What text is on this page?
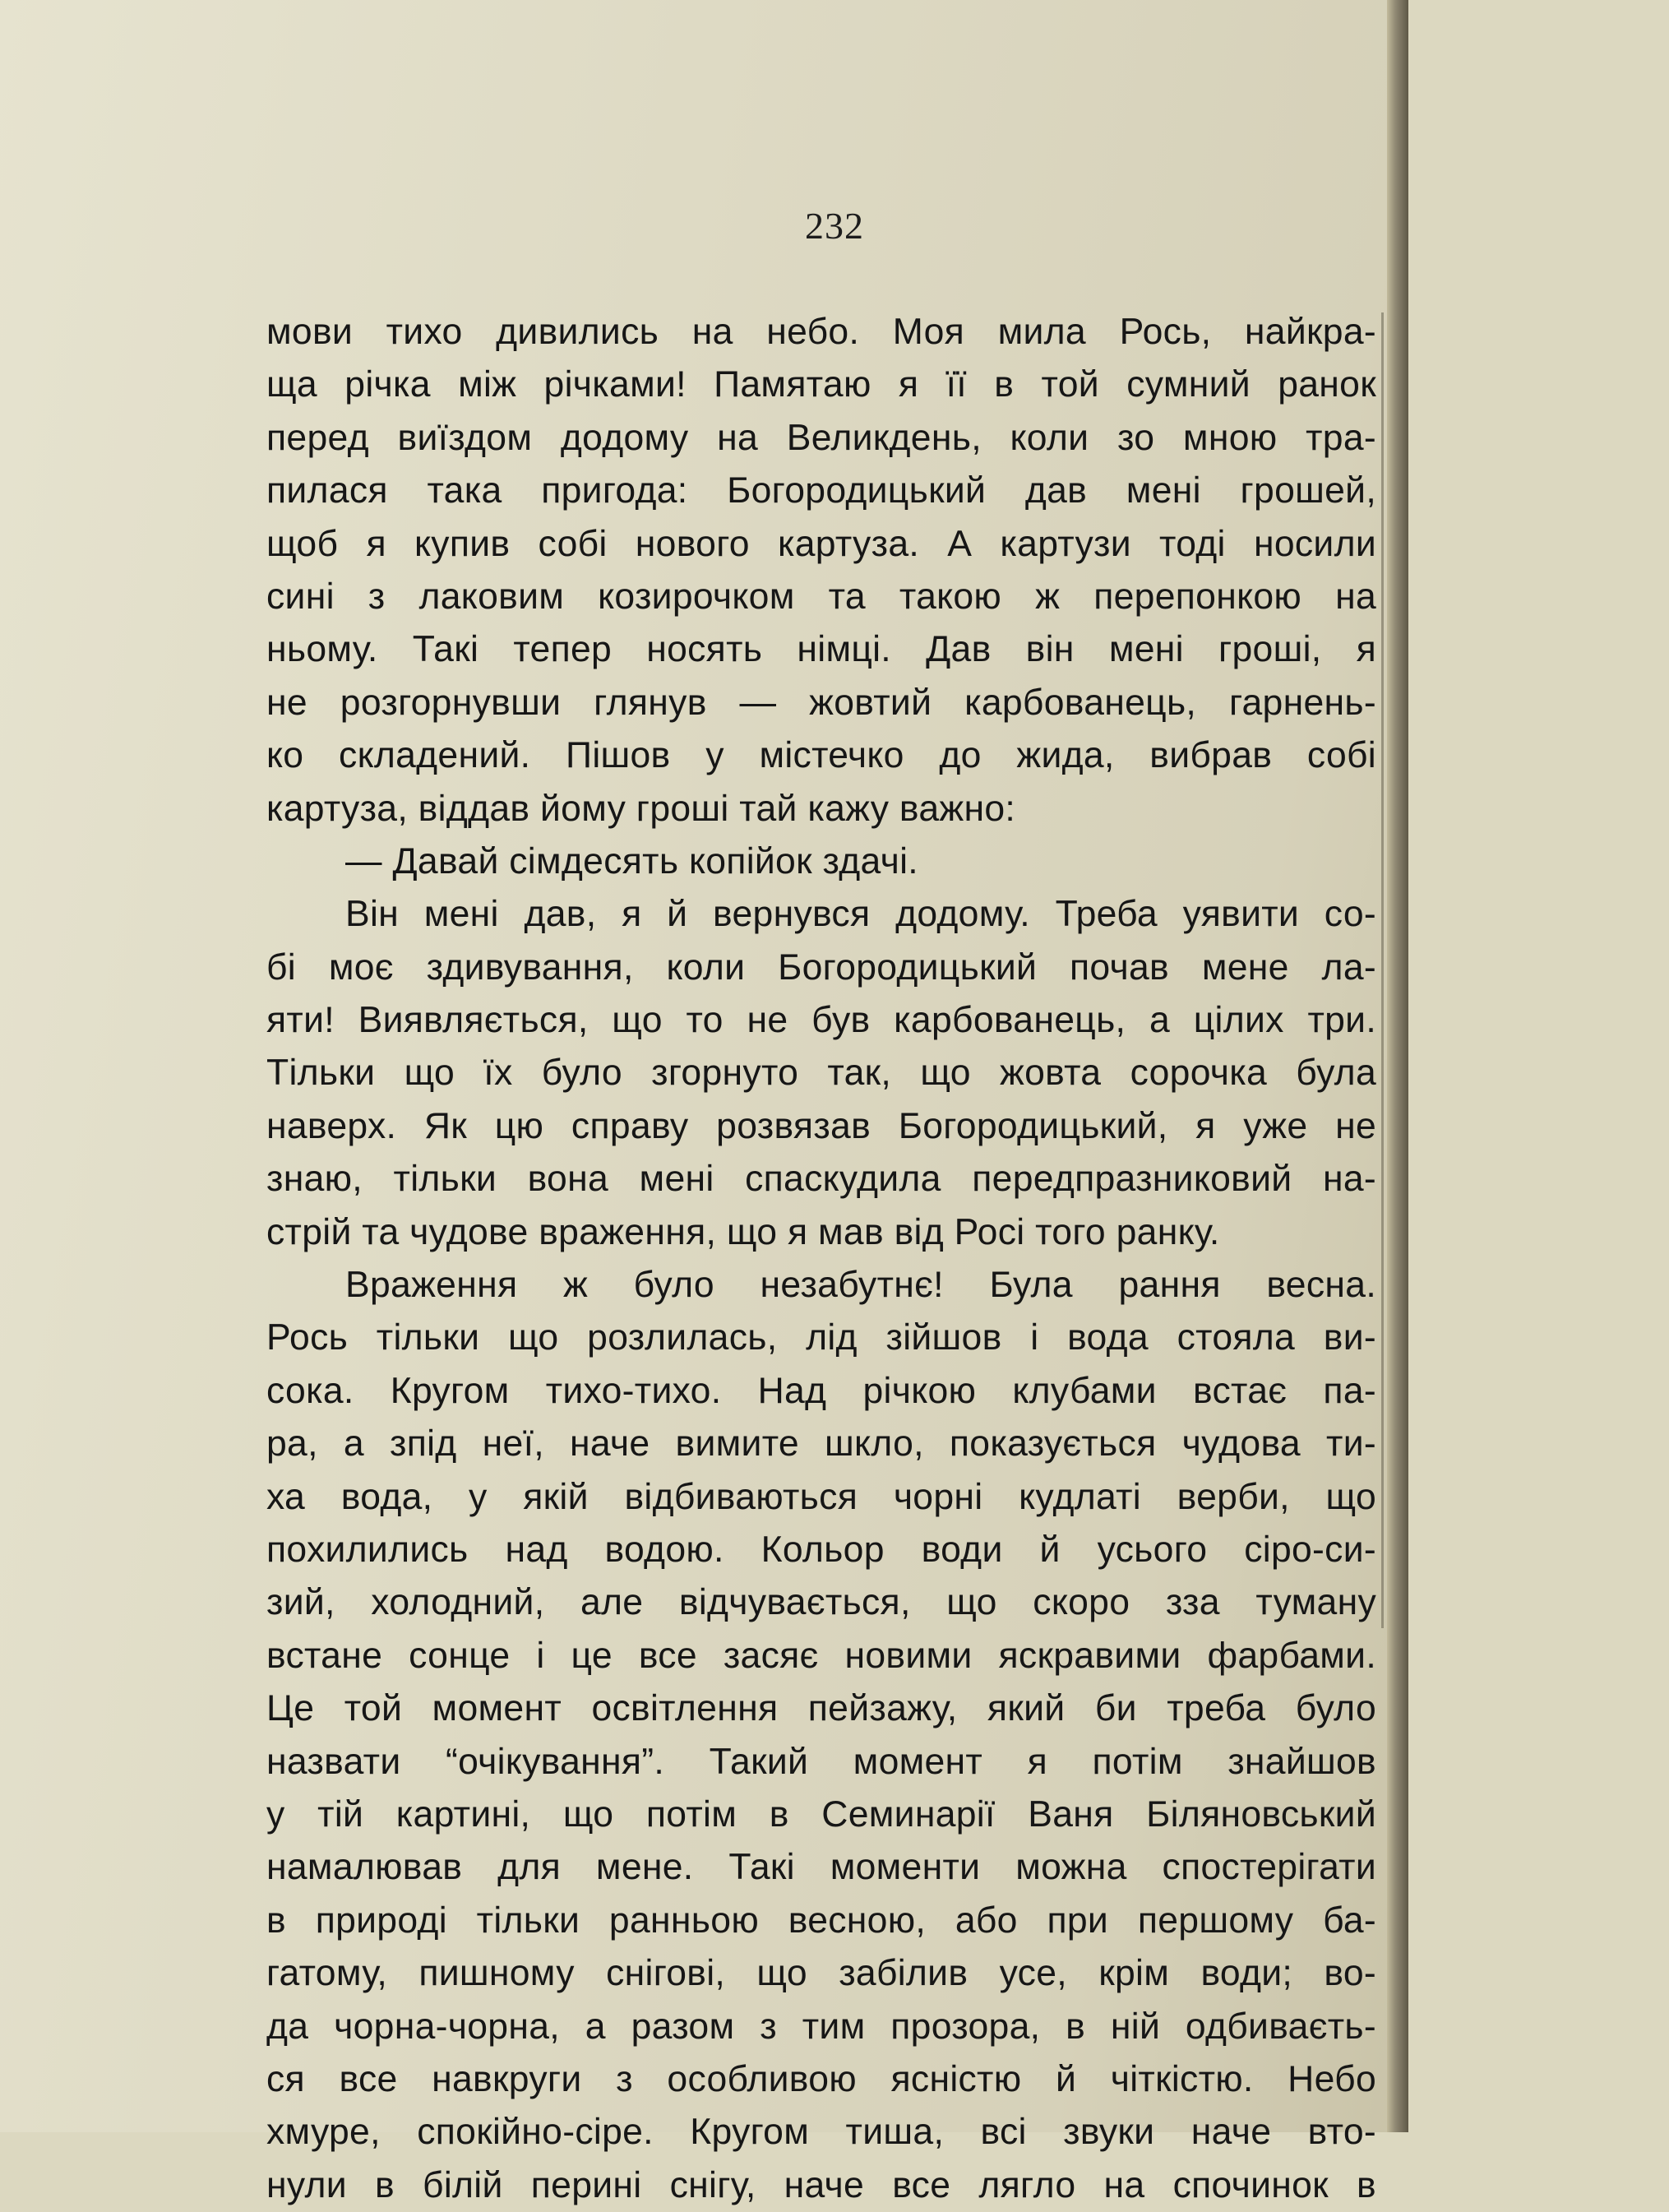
232
мови тихо дивились на небо. Моя мила Рось, найкра-
ща річка між річками! Памятаю я її в той сумний ранок
перед виїздом додому на Великдень, коли зо мною тра-
пилася така пригода: Богородицький дав мені грошей,
щоб я купив собі нового картуза. А картузи тоді носили
сині з лаковим козирочком та такою ж перепонкою на
ньому. Такі тепер носять німці. Дав він мені гроші, я
не розгорнувши глянув — жовтий карбованець, гарнень-
ко складений. Пішов у містечко до жида, вибрав собі
картуза, віддав йому гроші тай кажу важно:
— Давай сімдесять копійок здачі.
Він мені дав, я й вернувся додому. Треба уявити со-
бі моє здивування, коли Богородицький почав мене ла-
яти! Виявляється, що то не був карбованець, а цілих три.
Тільки що їх було згорнуто так, що жовта сорочка була
наверх. Як цю справу розвязав Богородицький, я уже не
знаю, тільки вона мені спаскудила передпразниковий на-
стрій та чудове враження, що я мав від Росі того ранку.
Враження ж було незабутнє! Була рання весна.
Рось тільки що розлилась, лід зійшов і вода стояла ви-
сока. Кругом тихо-тихо. Над річкою клубами встає па-
ра, а зпід неї, наче вимите шкло, показується чудова ти-
ха вода, у якій відбиваються чорні кудлаті верби, що
похилились над водою. Кольор води й усього сіро-си-
зий, холодний, але відчувається, що скоро зза туману
встане сонце і це все засяє новими яскравими фарбами.
Це той момент освітлення пейзажу, який би треба було
назвати “очікування”. Такий момент я потім знайшов
у тій картині, що потім в Семинарії Ваня Біляновський
намалював для мене. Такі моменти можна спостерігати
в природі тільки ранньою весною, або при першому ба-
гатому, пишному снігові, що забілив усе, крім води; во-
да чорна-чорна, а разом з тим прозора, в ній одбиваєть-
ся все навкруги з особливою ясністю й чіткістю. Небо
хмуре, спокійно-сіре. Кругом тиша, всі звуки наче вто-
нули в білій перині снігу, наче все лягло на спочинок в
